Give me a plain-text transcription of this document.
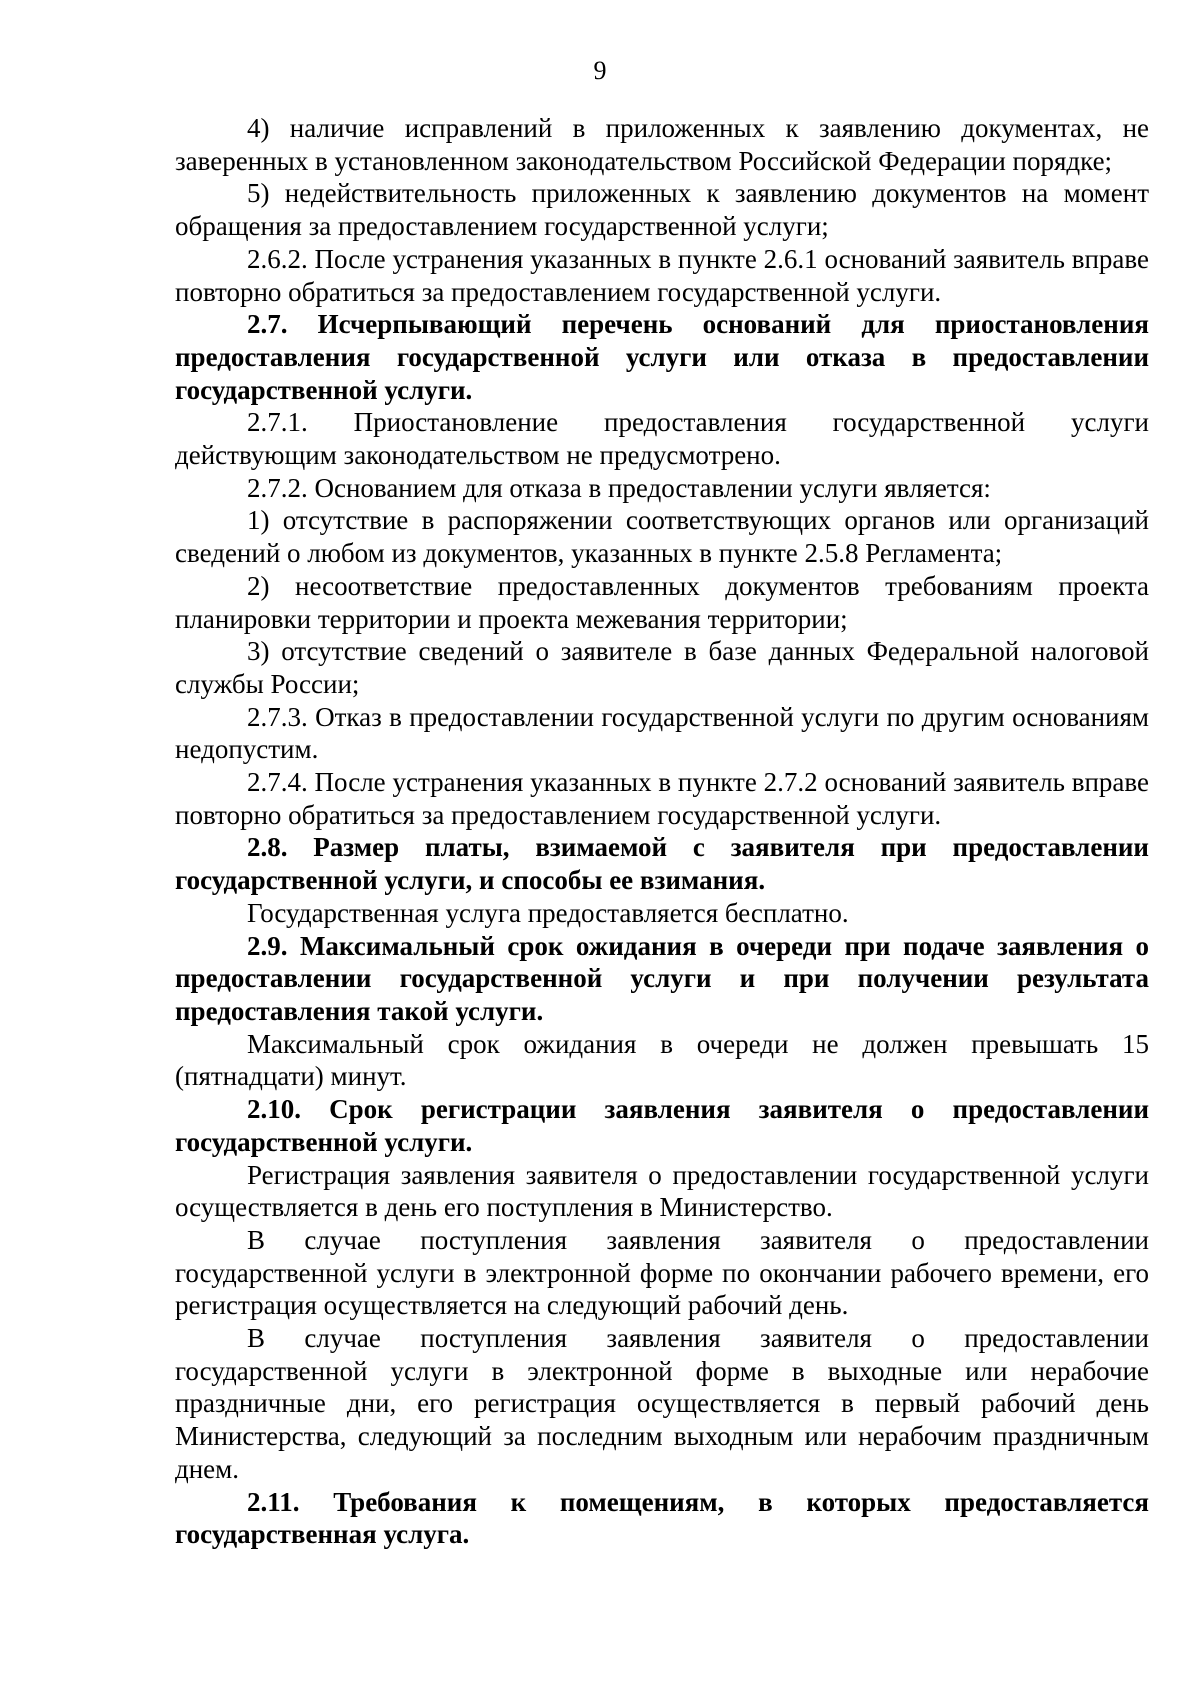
9

4) наличие исправлений в приложенных к заявлению документах, не заверенных в установленном законодательством Российской Федерации порядке;

5) недействительность приложенных к заявлению документов на момент обращения за предоставлением государственной услуги;

2.6.2. После устранения указанных в пункте 2.6.1 оснований заявитель вправе повторно обратиться за предоставлением государственной услуги.

2.7. Исчерпывающий перечень оснований для приостановления предоставления государственной услуги или отказа в предоставлении государственной услуги.

2.7.1. Приостановление предоставления государственной услуги действующим законодательством не предусмотрено.

2.7.2. Основанием для отказа в предоставлении услуги является:

1) отсутствие в распоряжении соответствующих органов или организаций сведений о любом из документов, указанных в пункте 2.5.8 Регламента;

2) несоответствие предоставленных документов требованиям проекта планировки территории и проекта межевания территории;

3) отсутствие сведений о заявителе в базе данных Федеральной налоговой службы России;

2.7.3. Отказ в предоставлении государственной услуги по другим основаниям недопустим.

2.7.4. После устранения указанных в пункте 2.7.2 оснований заявитель вправе повторно обратиться за предоставлением государственной услуги.

2.8. Размер платы, взимаемой с заявителя при предоставлении государственной услуги, и способы ее взимания.

Государственная услуга предоставляется бесплатно.

2.9. Максимальный срок ожидания в очереди при подаче заявления о предоставлении государственной услуги и при получении результата предоставления такой услуги.

Максимальный срок ожидания в очереди не должен превышать 15 (пятнадцати) минут.

2.10. Срок регистрации заявления заявителя о предоставлении государственной услуги.

Регистрация заявления заявителя о предоставлении государственной услуги осуществляется в день его поступления в Министерство.

В случае поступления заявления заявителя о предоставлении государственной услуги в электронной форме по окончании рабочего времени, его регистрация осуществляется на следующий рабочий день.

В случае поступления заявления заявителя о предоставлении государственной услуги в электронной форме в выходные или нерабочие праздничные дни, его регистрация осуществляется в первый рабочий день Министерства, следующий за последним выходным или нерабочим праздничным днем.

2.11. Требования к помещениям, в которых предоставляется государственная услуга.
